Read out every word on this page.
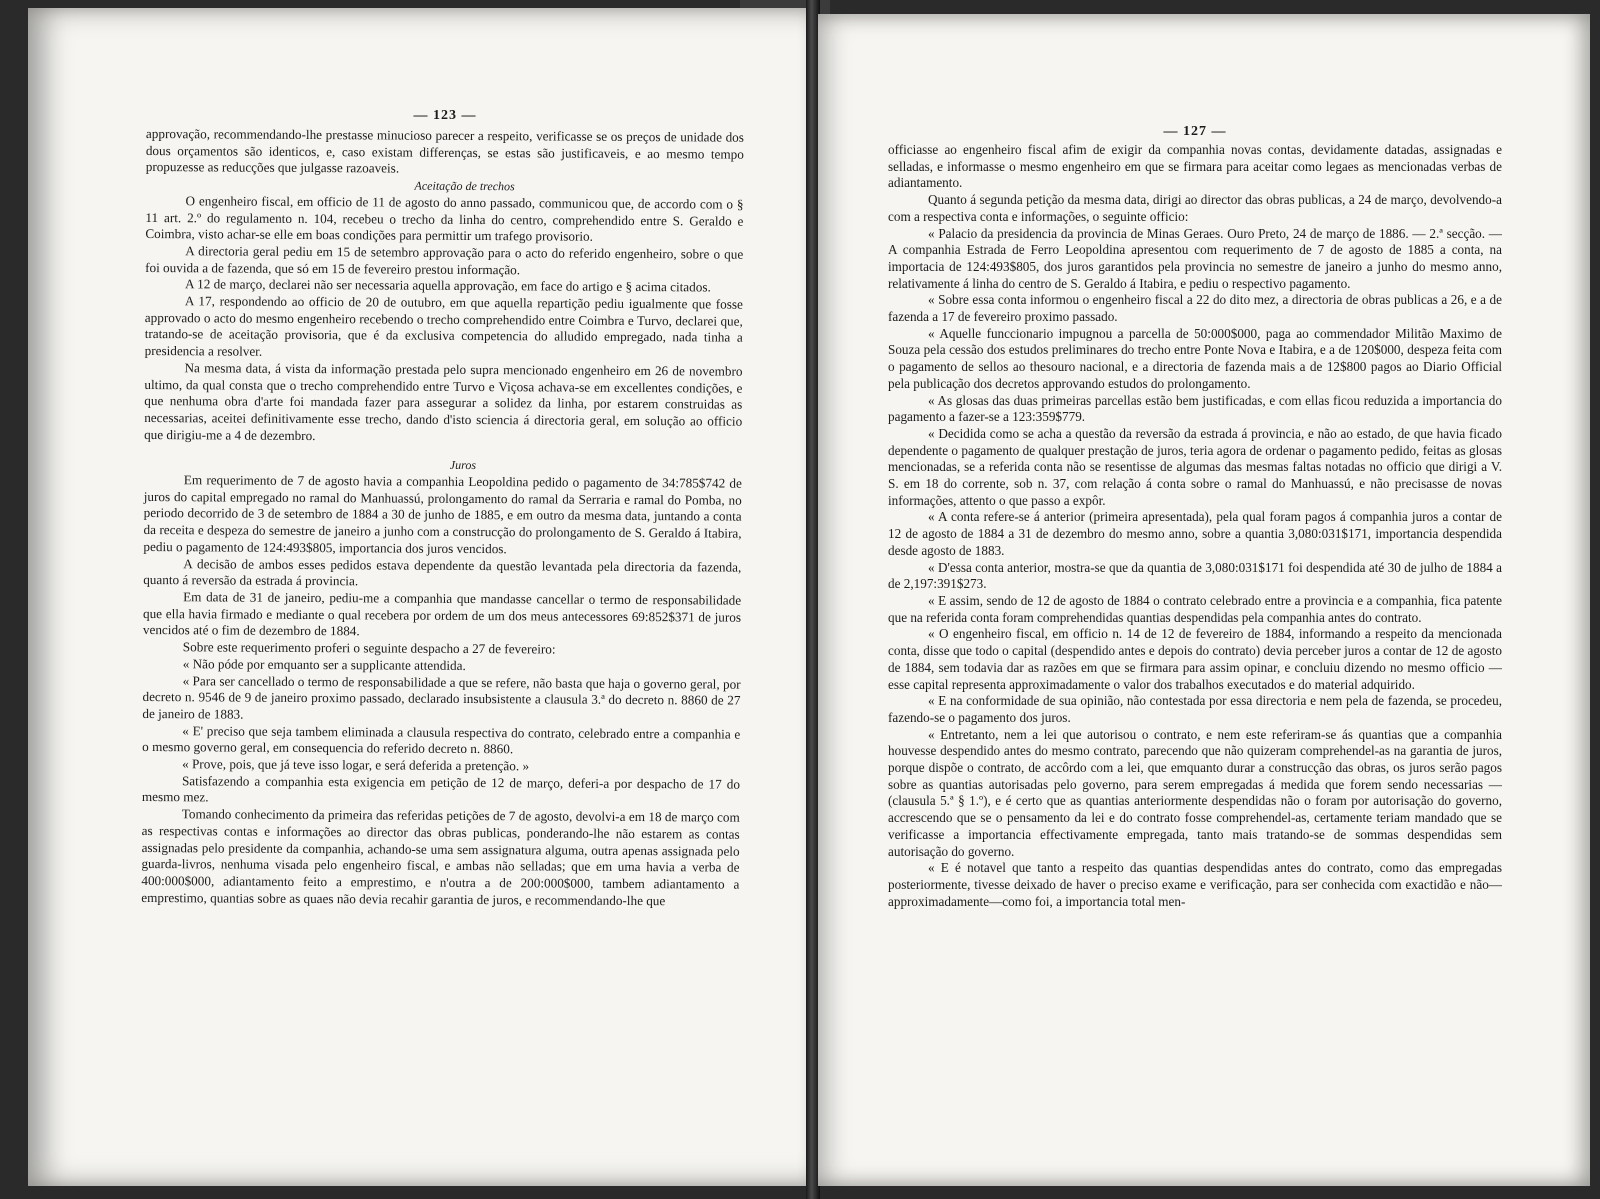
— 123 —

approvação, recommendando-lhe prestasse minucioso parecer a respeito, verificasse se os preços de unidade dos dous orçamentos são identicos, e, caso existam differenças, se estas são justificaveis, e ao mesmo tempo propuzesse as reducções que julgasse razoaveis.

Aceitação de trechos

O engenheiro fiscal, em officio de 11 de agosto do anno passado, communicou que, de accordo com o § 11 art. 2.º do regulamento n. 104, recebeu o trecho da linha do centro, comprehendido entre S. Geraldo e Coimbra, visto achar-se elle em boas condições para permittir um trafego provisorio.

A directoria geral pediu em 15 de setembro approvação para o acto do referido engenheiro, sobre o que foi ouvida a de fazenda, que só em 15 de fevereiro prestou informação.

A 12 de março, declarei não ser necessaria aquella approvação, em face do artigo e § acima citados.

A 17, respondendo ao officio de 20 de outubro, em que aquella repartição pediu igualmente que fosse approvado o acto do mesmo engenheiro recebendo o trecho comprehendido entre Coimbra e Turvo, declarei que, tratando-se de aceitação provisoria, que é da exclusiva competencia do alludido empregado, nada tinha a presidencia a resolver.

Na mesma data, á vista da informação prestada pelo supra mencionado engenheiro em 26 de novembro ultimo, da qual consta que o trecho comprehendido entre Turvo e Viçosa achava-se em excellentes condições, e que nenhuma obra d'arte foi mandada fazer para assegurar a solidez da linha, por estarem construidas as necessarias, aceitei definitivamente esse trecho, dando d'isto sciencia á directoria geral, em solução ao officio que dirigiu-me a 4 de dezembro.

Juros

Em requerimento de 7 de agosto havia a companhia Leopoldina pedido o pagamento de 34:785$742 de juros do capital empregado no ramal do Manhuassú, prolongamento do ramal da Serraria e ramal do Pomba, no periodo decorrido de 3 de setembro de 1884 a 30 de junho de 1885, e em outro da mesma data, juntando a conta da receita e despeza do semestre de janeiro a junho com a construcção do prolongamento de S. Geraldo á Itabira, pediu o pagamento de 124:493$805, importancia dos juros vencidos.

A decisão de ambos esses pedidos estava dependente da questão levantada pela directoria da fazenda, quanto á reversão da estrada á provincia.

Em data de 31 de janeiro, pediu-me a companhia que mandasse cancellar o termo de responsabilidade que ella havia firmado e mediante o qual recebera por ordem de um dos meus antecessores 69:852$371 de juros vencidos até o fim de dezembro de 1884.

Sobre este requerimento proferi o seguinte despacho a 27 de fevereiro:

« Não póde por emquanto ser a supplicante attendida.

« Para ser cancellado o termo de responsabilidade a que se refere, não basta que haja o governo geral, por decreto n. 9546 de 9 de janeiro proximo passado, declarado insubsistente a clausula 3.ª do decreto n. 8860 de 27 de janeiro de 1883.

« E' preciso que seja tambem eliminada a clausula respectiva do contrato, celebrado entre a companhia e o mesmo governo geral, em consequencia do referido decreto n. 8860.

« Prove, pois, que já teve isso logar, e será deferida a pretenção. »

Satisfazendo a companhia esta exigencia em petição de 12 de março, deferi-a por despacho de 17 do mesmo mez.

Tomando conhecimento da primeira das referidas petições de 7 de agosto, devolvi-a em 18 de março com as respectivas contas e informações ao director das obras publicas, ponderando-lhe não estarem as contas assignadas pelo presidente da companhia, achando-se uma sem assignatura alguma, outra apenas assignada pelo guarda-livros, nenhuma visada pelo engenheiro fiscal, e ambas não selladas; que em uma havia a verba de 400:000$000, adiantamento feito a emprestimo, e n'outra a de 200:000$000, tambem adiantamento a emprestimo, quantias sobre as quaes não devia recahir garantia de juros, e recommendando-lhe que

— 127 —

officiasse ao engenheiro fiscal afim de exigir da companhia novas contas, devidamente datadas, assignadas e selladas, e informasse o mesmo engenheiro em que se firmara para aceitar como legaes as mencionadas verbas de adiantamento.

Quanto á segunda petição da mesma data, dirigi ao director das obras publicas, a 24 de março, devolvendo-a com a respectiva conta e informações, o seguinte officio:

« Palacio da presidencia da provincia de Minas Geraes. Ouro Preto, 24 de março de 1886. — 2.ª secção. — A companhia Estrada de Ferro Leopoldina apresentou com requerimento de 7 de agosto de 1885 a conta, na importacia de 124:493$805, dos juros garantidos pela provincia no semestre de janeiro a junho do mesmo anno, relativamente á linha do centro de S. Geraldo á Itabira, e pediu o respectivo pagamento.

« Sobre essa conta informou o engenheiro fiscal a 22 do dito mez, a directoria de obras publicas a 26, e a de fazenda a 17 de fevereiro proximo passado.

« Aquelle funccionario impugnou a parcella de 50:000$000, paga ao commendador Militão Maximo de Souza pela cessão dos estudos preliminares do trecho entre Ponte Nova e Itabira, e a de 120$000, despeza feita com o pagamento de sellos ao thesouro nacional, e a directoria de fazenda mais a de 12$800 pagos ao Diario Official pela publicação dos decretos approvando estudos do prolongamento.

« As glosas das duas primeiras parcellas estão bem justificadas, e com ellas ficou reduzida a importancia do pagamento a fazer-se a 123:359$779.

« Decidida como se acha a questão da reversão da estrada á provincia, e não ao estado, de que havia ficado dependente o pagamento de qualquer prestação de juros, teria agora de ordenar o pagamento pedido, feitas as glosas mencionadas, se a referida conta não se resentisse de algumas das mesmas faltas notadas no officio que dirigi a V. S. em 18 do corrente, sob n. 37, com relação á conta sobre o ramal do Manhuassú, e não precisasse de novas informações, attento o que passo a expôr.

« A conta refere-se á anterior (primeira apresentada), pela qual foram pagos á companhia juros a contar de 12 de agosto de 1884 a 31 de dezembro do mesmo anno, sobre a quantia 3,080:031$171, importancia despendida desde agosto de 1883.

« D'essa conta anterior, mostra-se que da quantia de 3,080:031$171 foi despendida até 30 de julho de 1884 a de 2,197:391$273.

« E assim, sendo de 12 de agosto de 1884 o contrato celebrado entre a provincia e a companhia, fica patente que na referida conta foram comprehendidas quantias despendidas pela companhia antes do contrato.

« O engenheiro fiscal, em officio n. 14 de 12 de fevereiro de 1884, informando a respeito da mencionada conta, disse que todo o capital (despendido antes e depois do contrato) devia perceber juros a contar de 12 de agosto de 1884, sem todavia dar as razões em que se firmara para assim opinar, e concluiu dizendo no mesmo officio — esse capital representa approximadamente o valor dos trabalhos executados e do material adquirido.

« E na conformidade de sua opinião, não contestada por essa directoria e nem pela de fazenda, se procedeu, fazendo-se o pagamento dos juros.

« Entretanto, nem a lei que autorisou o contrato, e nem este referiram-se ás quantias que a companhia houvesse despendido antes do mesmo contrato, parecendo que não quizeram comprehendel-as na garantia de juros, porque dispõe o contrato, de accôrdo com a lei, que emquanto durar a construcção das obras, os juros serão pagos sobre as quantias autorisadas pelo governo, para serem empregadas á medida que forem sendo necessarias — (clausula 5.ª § 1.º), e é certo que as quantias anteriormente despendidas não o foram por autorisação do governo, accrescendo que se o pensamento da lei e do contrato fosse comprehendel-as, certamente teriam mandado que se verificasse a importancia effectivamente empregada, tanto mais tratando-se de sommas despendidas sem autorisação do governo.

« E é notavel que tanto a respeito das quantias despendidas antes do contrato, como das empregadas posteriormente, tivesse deixado de haver o preciso exame e verificação, para ser conhecida com exactidão e não—approximadamente—como foi, a importancia total men-
